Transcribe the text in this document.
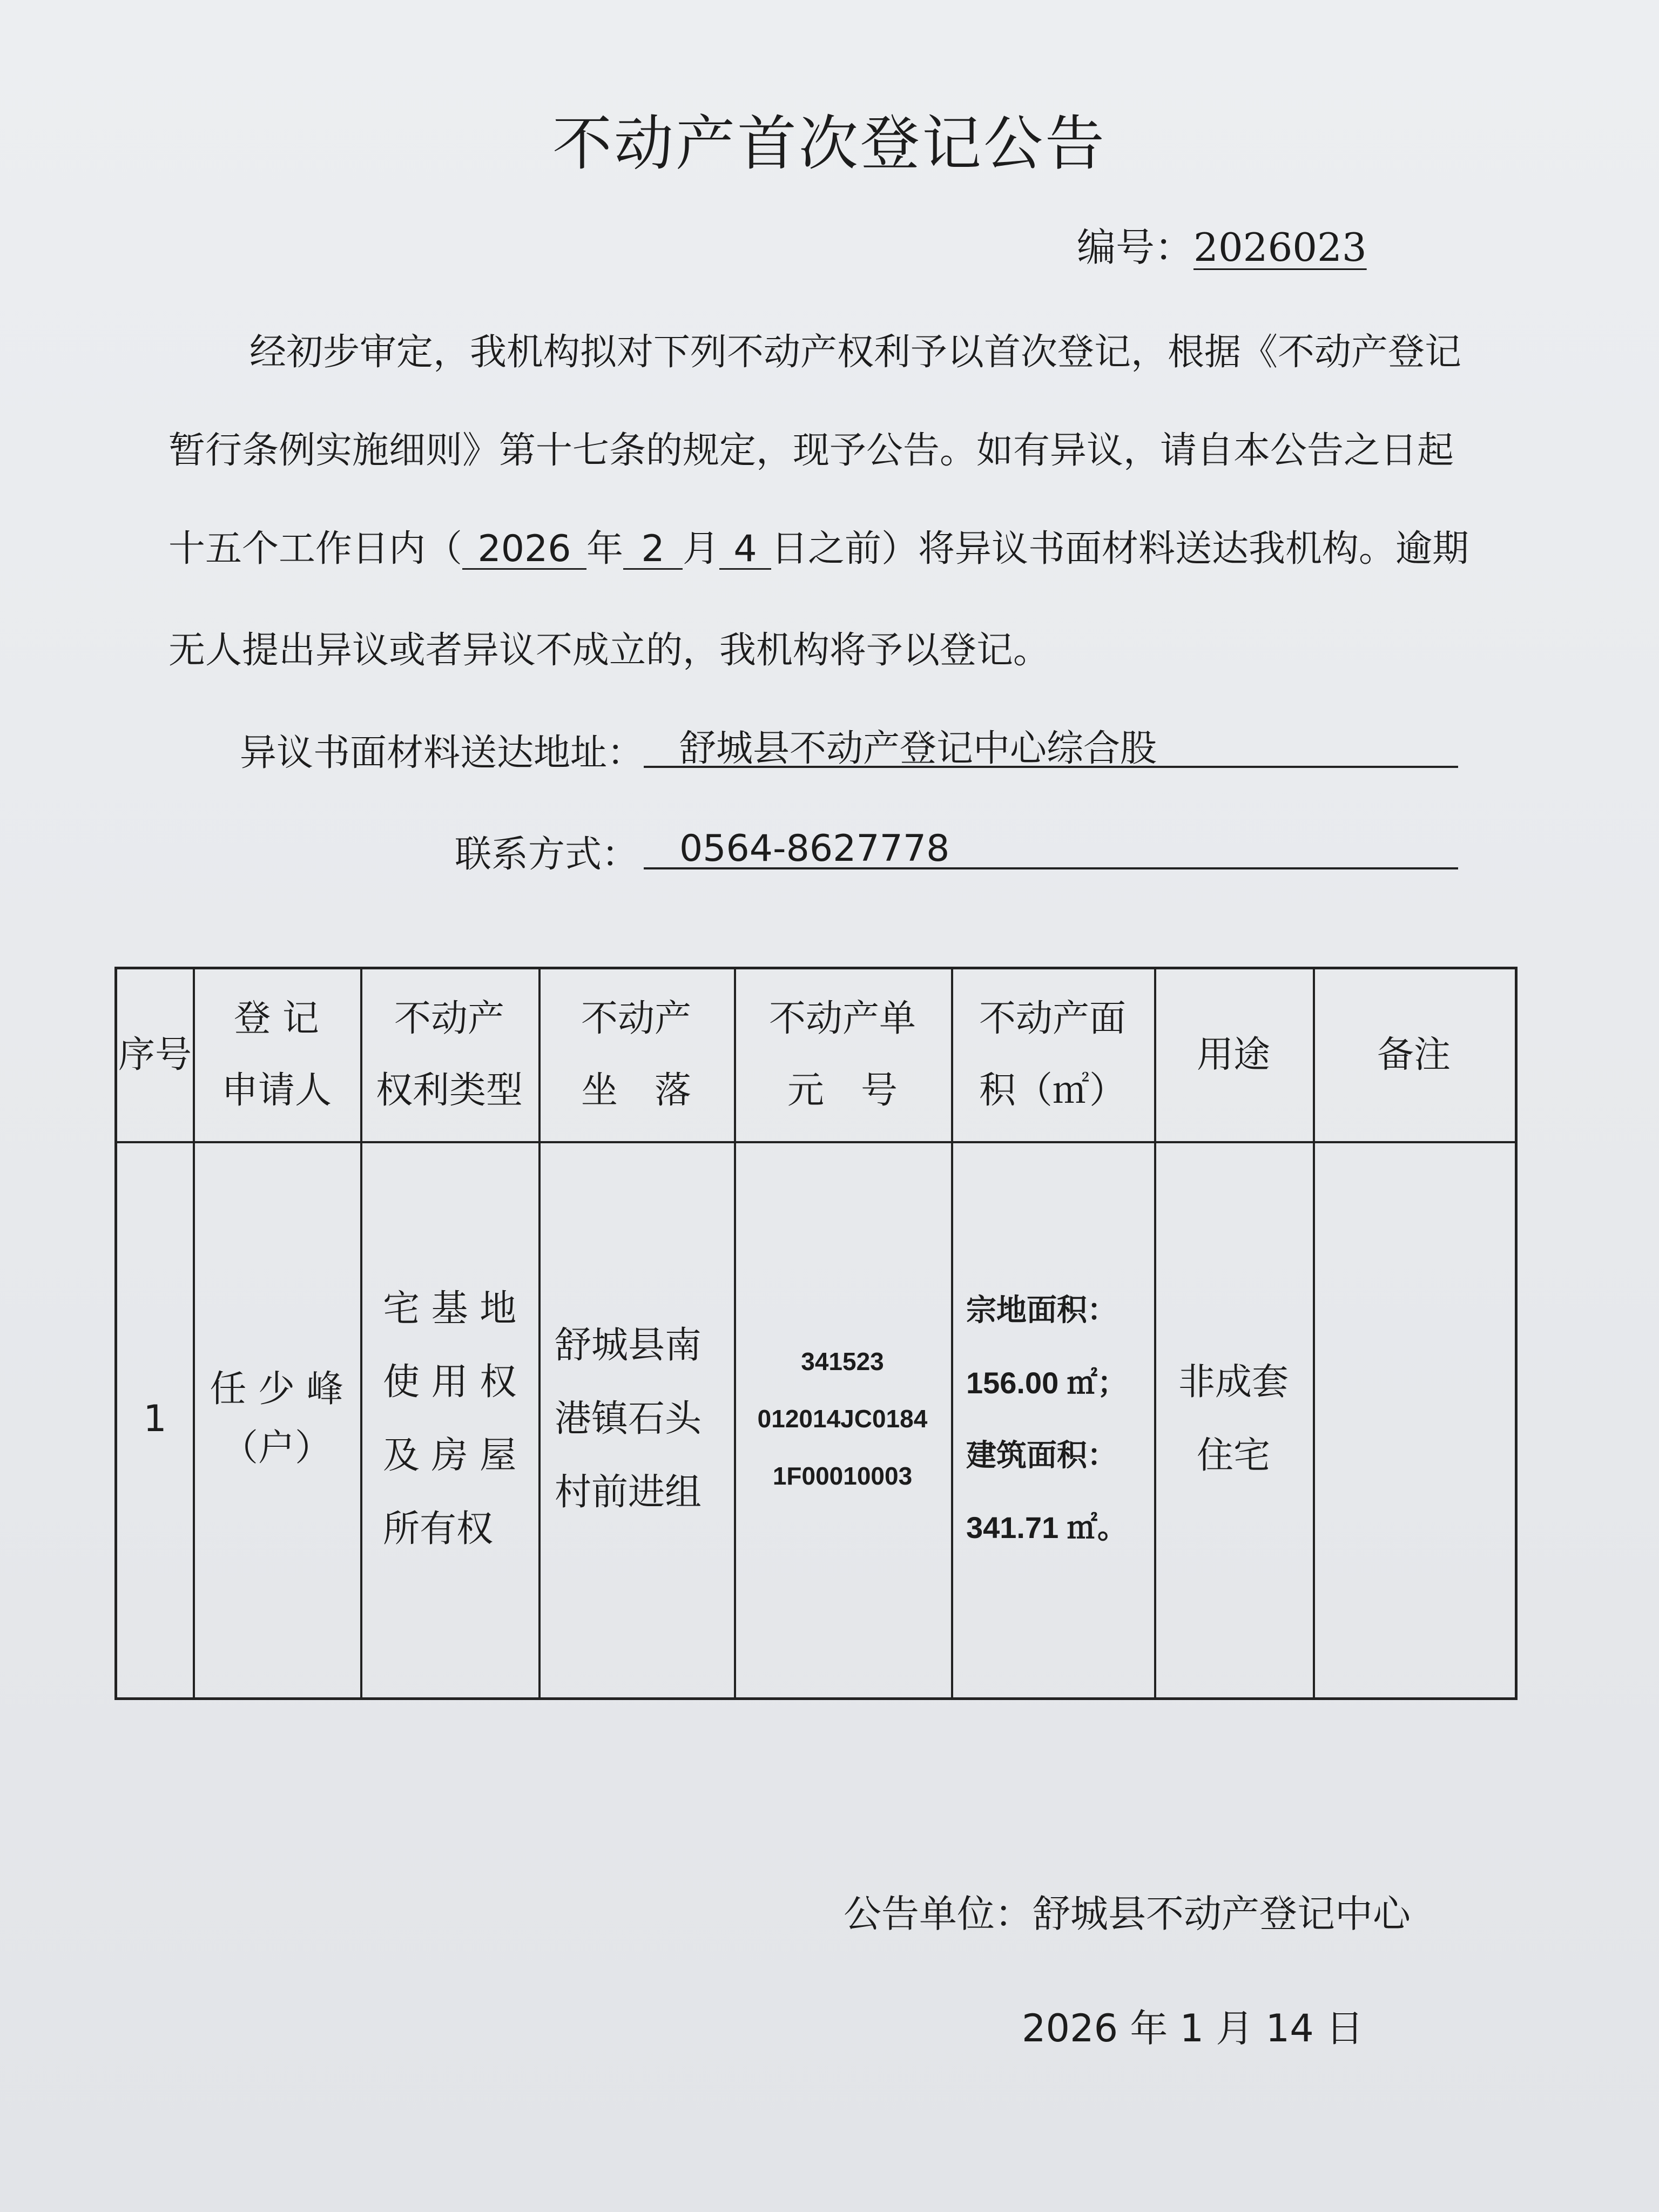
不动产首次登记公告
编号：2026023
经初步审定，我机构拟对下列不动产权利予以首次登记，根据《不动产登记
暂行条例实施细则》第十七条的规定，现予公告。如有异议，请自本公告之日起
十五个工作日内（ 2026 年 2 月 4 日之前）将异议书面材料送达我机构。逾期
无人提出异议或者异议不成立的，我机构将予以登记。
异议书面材料送达地址： 舒城县不动产登记中心综合股
联系方式： 0564-8627778
序号
登 记
申请人
不动产
权利类型
不动产
坐　落
不动产单
元　号
不动产面
积（㎡）
用途	备注
1
任 少 峰
（户）
宅 基 地
使 用 权
及 房 屋
所有权
舒城县南
港镇石头
村前进组
341523
012014JC0184
1F00010003
宗地面积：
156.00 ㎡；
建筑面积：
341.71 ㎡。
非成套
住宅
公告单位：舒城县不动产登记中心
2026 年 1 月 14 日
